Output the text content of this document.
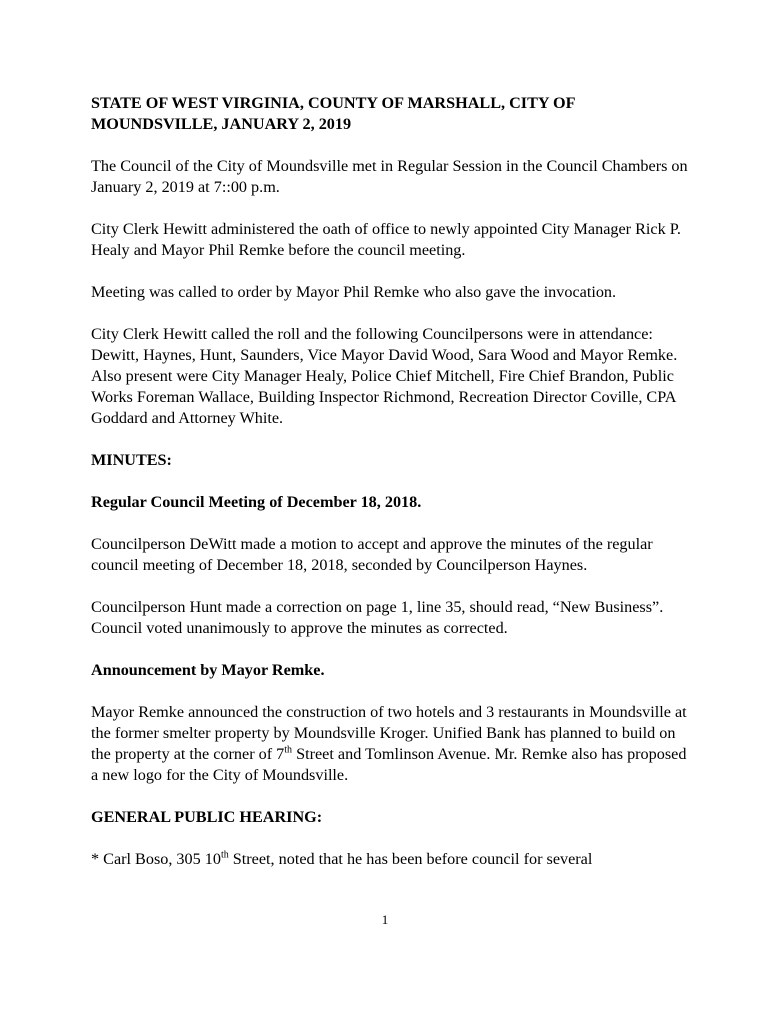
STATE OF WEST VIRGINIA, COUNTY OF MARSHALL, CITY OF MOUNDSVILLE, JANUARY 2, 2019

The Council of the City of Moundsville met in Regular Session in the Council Chambers on January 2, 2019 at 7::00 p.m.

City Clerk Hewitt administered the oath of office to newly appointed City Manager Rick P. Healy and Mayor Phil Remke before the council meeting.

Meeting was called to order by Mayor Phil Remke who also gave the invocation.

City Clerk Hewitt called the roll and the following Councilpersons were in attendance: Dewitt, Haynes, Hunt, Saunders, Vice Mayor David Wood, Sara Wood and Mayor Remke. Also present were City Manager Healy, Police Chief Mitchell, Fire Chief Brandon, Public Works Foreman Wallace, Building Inspector Richmond, Recreation Director Coville, CPA Goddard and Attorney White.

MINUTES:

Regular Council Meeting of December 18, 2018.

Councilperson DeWitt made a motion to accept and approve the minutes of the regular council meeting of December 18, 2018, seconded by Councilperson Haynes.

Councilperson Hunt made a correction on page 1, line 35, should read, “New Business”. Council voted unanimously to approve the minutes as corrected.

Announcement by Mayor Remke.

Mayor Remke announced the construction of two hotels and 3 restaurants in Moundsville at the former smelter property by Moundsville Kroger. Unified Bank has planned to build on the property at the corner of 7th Street and Tomlinson Avenue. Mr. Remke also has proposed a new logo for the City of Moundsville.

GENERAL PUBLIC HEARING:

* Carl Boso, 305 10th Street, noted that he has been before council for several

1
